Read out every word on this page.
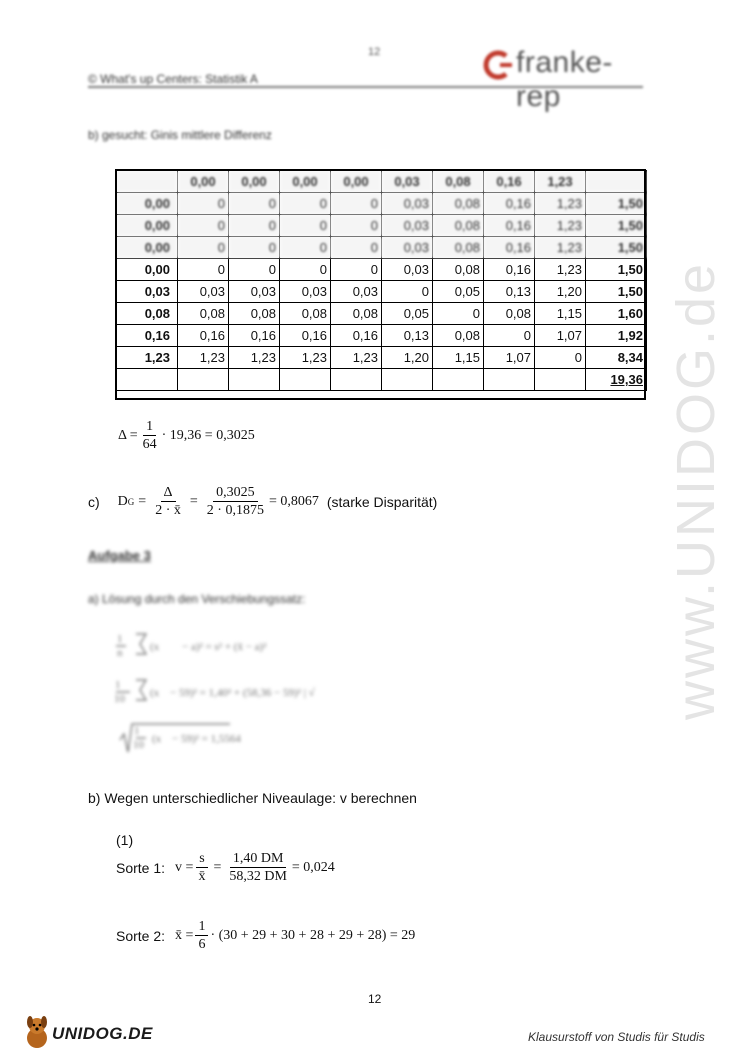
12
© What's up Centers: Statistik A	franke-rep
b) gesucht: Ginis mittlere Differenz
	0,00	0,00	0,00	0,00	0,03	0,08	0,16	1,23	
0,00	0	0	0	0	0,03	0,08	0,16	1,23	1,50
0,00	0	0	0	0	0,03	0,08	0,16	1,23	1,50
0,00	0	0	0	0	0,03	0,08	0,16	1,23	1,50
0,00	0	0	0	0	0,03	0,08	0,16	1,23	1,50
0,03	0,03	0,03	0,03	0,03	0	0,05	0,13	1,20	1,50
0,08	0,08	0,08	0,08	0,08	0,05	0	0,08	1,15	1,60
0,16	0,16	0,16	0,16	0,16	0,13	0,08	0	1,07	1,92
1,23	1,23	1,23	1,23	1,23	1,20	1,15	1,07	0	8,34
									19,36
$\Delta = \frac{1}{64} \cdot 19,36 = 0,3025$
c) D $G = \frac{\Delta}{2 \cdot x̄} = \frac{0,3025}{2 \cdot 0,1875} = 0,8067$ (starke Disparität)
Aufgabe 3
a) Lösung durch den Verschiebungssatz:
1
n	(x − a)² = s² + (x̄ − a)²
1
10 (x − 59)² = 1,40² + (58,36 − 59)² | √
1
10 (x − 59)² = 1,5564
b) Wegen unterschiedlicher Niveaulage: v berechnen
(1)
Sorte 1: $v = \frac{s}{x̄} = \frac{1,40 DM}{58,32 DM} = 0,024$
Sorte 2: x̄ = $\frac{1}{6} \cdot (30 + 29 + 30 + 28 + 29 + 28) = 29$
www.UNIDOG.de
12
UNIDOG.DE	Klausurstoff von Studis für Studis
